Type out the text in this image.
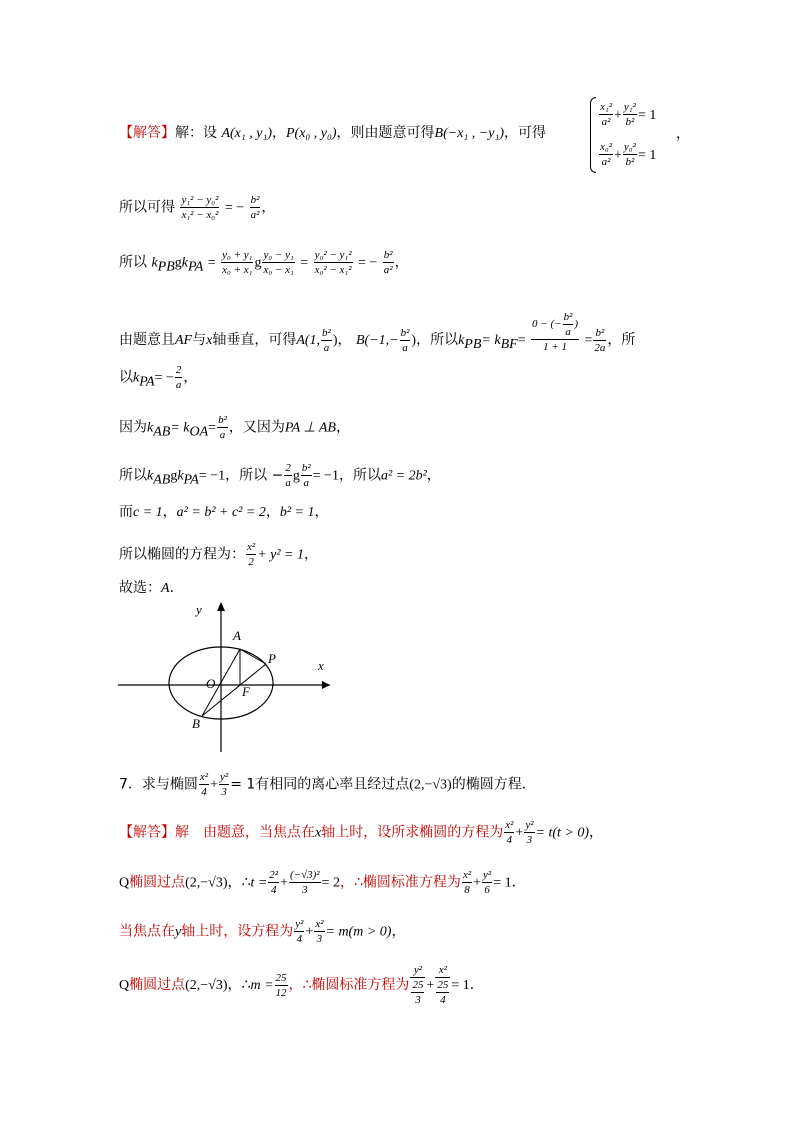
【解答】解：设 A(x₁ , y₁)，P(x₀ , y₀)，则由题意可得B(−x₁ , −y₁)，可得
$\frac{\text{x₁²}}{\text{a²}} + \frac{\text{y₁²}}{\text{b²}} = 1$
$\frac{\text{x₀²}}{\text{a²}} + \frac{\text{y₀²}}{\text{b²}} = 1$
，
所以可得 $\frac{\text{y₁² − y₀²}}{\text{x₁² − x₀²}}$ = − $\frac{\text{b²}}{\text{a²}}$ ，
所以 $k_{PB}gk_{PA} = \frac{\text{y₀ + y₁}}{\text{x₀ + x₁}}$ g $\frac{\text{y₀ − y₁}}{\text{x₀ − x₁}} = \frac{\text{y₀² − y₁²}}{\text{x₀² − x₁²}}$ = − $\frac{\text{b²}}{\text{a²}}$ ，
由题意且AF与x轴垂直，可得A(1, $\frac{\text{b²}}{a}$ )， $B(-1,- \frac{\text{b²}}{a}$ )，所以$k_{PB}= k_{BF}= \frac{0 - (- \frac{\text{b²}}{a} )}{1 + 1} = \frac{\text{b²}}{2a}$ ，所
以$k_{PA}= - \frac{2}{a}$ ，
因为$k_{AB}= k_{OA}= \frac{\text{b²}}{a}$ ，又因为PA ⊥ AB，
所以$k_{AB}gk_{PA}= -1$，所以 − $\frac{2}{a}$ g $\frac{\text{b²}}{a} = -1$，所以a² = 2b²，
而c = 1，a² = b² + c² = 2，b² = 1，
所以椭圆的方程为： $\frac{\text{x²}}{2} + y^2 = 1$，
故选：A．
y
x
A
P
O
F
B
7．求与椭圆 $\frac{\text{x²}}{4} + \frac{\text{y²}}{3} = 1$有相同的离心率且经过点(2,−√3)的椭圆方程．
【解答】解　由题意，当焦点在x轴上时，设所求椭圆的方程为 $\frac{\text{x²}}{4} + \frac{\text{y²}}{3} = t(t > 0)$，
Q椭圆过点(2,−√3)，∴t = $\frac{\text{2²}}{4} + \frac{\text{(−√3)²}}{3} = 2$，∴椭圆标准方程为 $\frac{\text{x²}}{8} + \frac{\text{y²}}{6} = 1$．
当焦点在y轴上时，设方程为 $\frac{\text{y²}}{4} + \frac{\text{x²}}{3} = m(m > 0)$，
Q椭圆过点(2,−√3)，∴m = $\frac{25}{12}$ ，∴椭圆标准方程为 $\frac{\text{y²}}{\frac{25}{3}} + \frac{\text{x²}}{\frac{25}{4}} = 1$．
